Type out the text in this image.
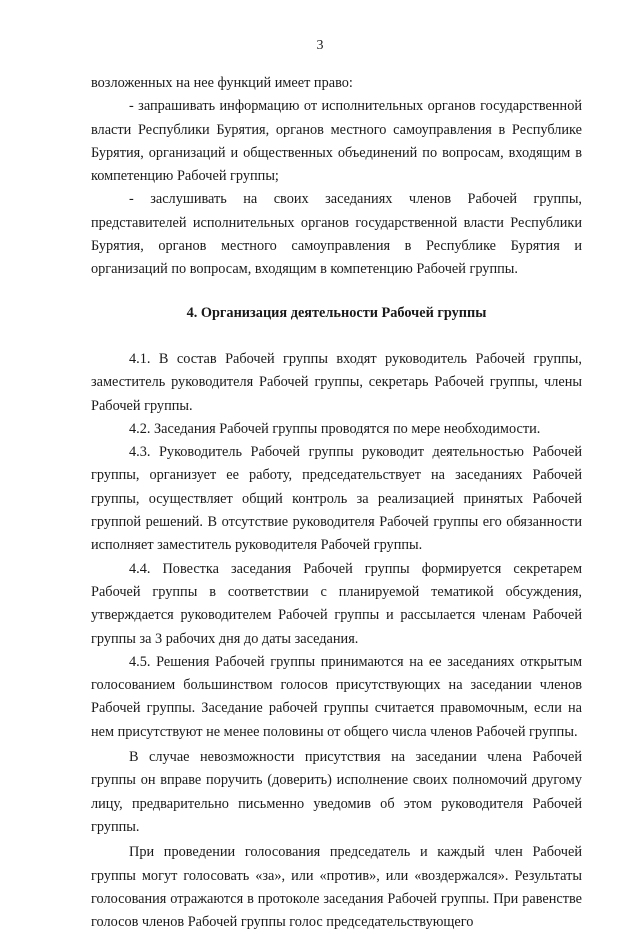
3

возложенных на нее функций имеет право:

- запрашивать информацию от исполнительных органов государственной власти Республики Бурятия, органов местного самоуправления в Республике Бурятия, организаций и общественных объединений по вопросам, входящим в компетенцию Рабочей группы;

- заслушивать на своих заседаниях членов Рабочей группы, представителей исполнительных органов государственной власти Республики Бурятия, органов местного самоуправления в Республике Бурятия и организаций по вопросам, входящим в компетенцию Рабочей группы.

4. Организация деятельности Рабочей группы

4.1. В состав Рабочей группы входят руководитель Рабочей группы, заместитель руководителя Рабочей группы, секретарь Рабочей группы, члены Рабочей группы.

4.2. Заседания Рабочей группы проводятся по мере необходимости.

4.3. Руководитель Рабочей группы руководит деятельностью Рабочей группы, организует ее работу, председательствует на заседаниях Рабочей группы, осуществляет общий контроль за реализацией принятых Рабочей группой решений. В отсутствие руководителя Рабочей группы его обязанности исполняет заместитель руководителя Рабочей группы.

4.4. Повестка заседания Рабочей группы формируется секретарем Рабочей группы в соответствии с планируемой тематикой обсуждения, утверждается руководителем Рабочей группы и рассылается членам Рабочей группы за 3 рабочих дня до даты заседания.

4.5. Решения Рабочей группы принимаются на ее заседаниях открытым голосованием большинством голосов присутствующих на заседании членов Рабочей группы. Заседание рабочей группы считается правомочным, если на нем присутствуют не менее половины от общего числа членов Рабочей группы.

В случае невозможности присутствия на заседании члена Рабочей группы он вправе поручить (доверить) исполнение своих полномочий другому лицу, предварительно письменно уведомив об этом руководителя Рабочей группы.

При проведении голосования председатель и каждый член Рабочей группы могут голосовать «за», или «против», или «воздержался». Результаты голосования отражаются в протоколе заседания Рабочей группы. При равенстве голосов членов Рабочей группы голос председательствующего
